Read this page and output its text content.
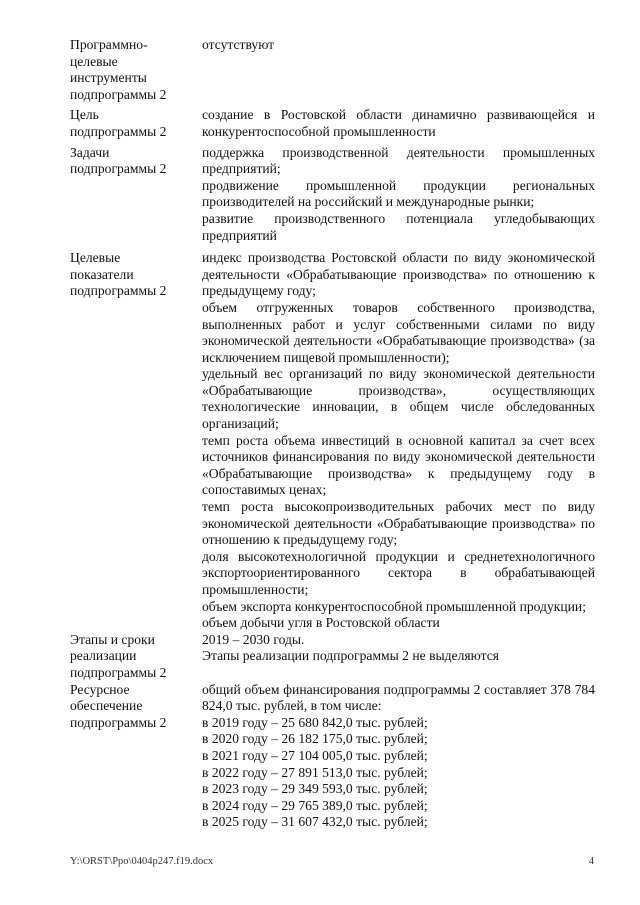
Программно-
целевые
инструменты
подпрограммы 2

отсутствуют

Цель
подпрограммы 2

создание в Ростовской области динамично развивающейся и конкурентоспособной промышленности

Задачи
подпрограммы 2

поддержка производственной деятельности промышленных предприятий;

продвижение промышленной продукции региональных производителей на российский и международные рынки;

развитие производственного потенциала угледобывающих предприятий

Целевые
показатели
подпрограммы 2

индекс производства Ростовской области по виду экономической деятельности «Обрабатывающие производства» по отношению к предыдущему году;

объем отгруженных товаров собственного производства, выполненных работ и услуг собственными силами по виду экономической деятельности «Обрабатывающие производства» (за исключением пищевой промышленности);

удельный вес организаций по виду экономической деятельности «Обрабатывающие производства», осуществляющих технологические инновации, в общем числе обследованных организаций;

темп роста объема инвестиций в основной капитал за счет всех источников финансирования по виду экономической деятельности «Обрабатывающие производства» к предыдущему году в сопоставимых ценах;

темп роста высокопроизводительных рабочих мест по виду экономической деятельности «Обрабатывающие производства» по отношению к предыдущему году;

доля высокотехнологичной продукции и среднетехнологичного экспортоориентированного сектора в обрабатывающей промышленности;

объем экспорта конкурентоспособной промышленной продукции;

объем добычи угля в Ростовской области

Этапы и сроки
реализации
подпрограммы 2

2019 – 2030 годы.

Этапы реализации подпрограммы 2 не выделяются

Ресурсное
обеспечение
подпрограммы 2

общий объем финансирования подпрограммы 2 составляет 378 784 824,0 тыс. рублей, в том числе:

в 2019 году – 25 680 842,0 тыс. рублей;

в 2020 году – 26 182 175,0 тыс. рублей;

в 2021 году – 27 104 005,0 тыс. рублей;

в 2022 году – 27 891 513,0 тыс. рублей;

в 2023 году – 29 349 593,0 тыс. рублей;

в 2024 году – 29 765 389,0 тыс. рублей;

в 2025 году – 31 607 432,0 тыс. рублей;

Y:\ORST\Ppo\0404p247.f19.docx	4
